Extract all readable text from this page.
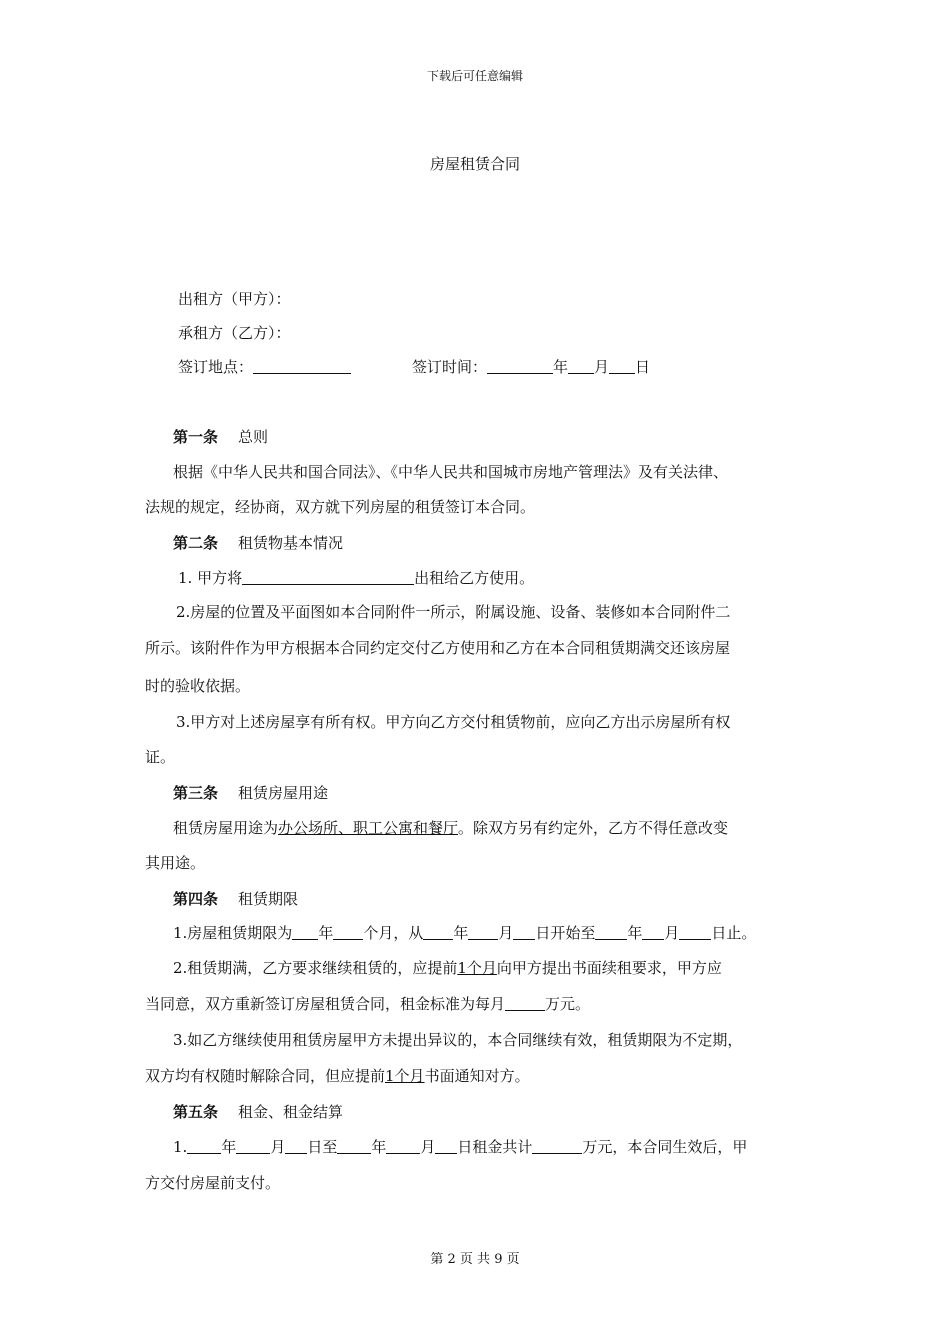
下载后可任意编辑
房屋租赁合同
出租方（甲方）：
承租方（乙方）：
签订地点：	签订时间：	年 月 日
第一条 总则
根据《中华人民共和国合同法》、《中华人民共和国城市房地产管理法》及有关法律、
法规的规定，经协商，双方就下列房屋的租赁签订本合同。
第二条 租赁物基本情况
1. 甲方将	出租给乙方使用。
2.房屋的位置及平面图如本合同附件一所示，附属设施、设备、装修如本合同附件二
所示。该附件作为甲方根据本合同约定交付乙方使用和乙方在本合同租赁期满交还该房屋
时的验收依据。
3.甲方对上述房屋享有所有权。甲方向乙方交付租赁物前，应向乙方出示房屋所有权
证。
第三条 租赁房屋用途
租赁房屋用途为办公场所、职工公寓和餐厅。除双方另有约定外，乙方不得任意改变
其用途。
第四条 租赁期限
1.房屋租赁期限为 年 个月，从 年 月 日开始至 年 月 日止。
2.租赁期满，乙方要求继续租赁的，应提前1个月向甲方提出书面续租要求，甲方应
当同意，双方重新签订房屋租赁合同，租金标准为每月	万元。
3.如乙方继续使用租赁房屋甲方未提出异议的，本合同继续有效，租赁期限为不定期，
双方均有权随时解除合同，但应提前1个月书面通知对方。
第五条 租金、租金结算
1. 年 月 日至 年 月 日租金共计	万元，本合同生效后，甲
方交付房屋前支付。
第 2 页 共 9 页
